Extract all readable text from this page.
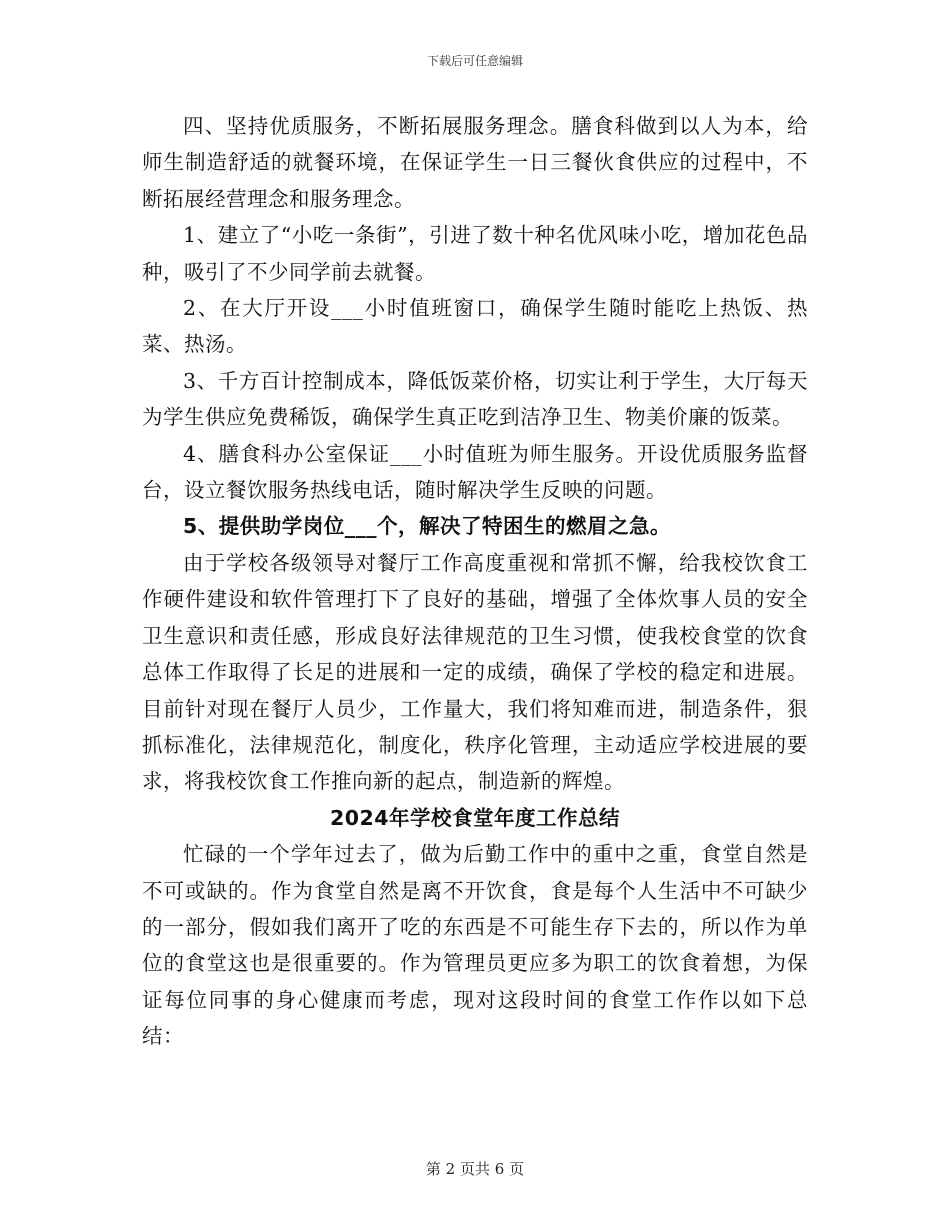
下载后可任意编辑

四、坚持优质服务，不断拓展服务理念。膳食科做到以人为本，给师生制造舒适的就餐环境，在保证学生一日三餐伙食供应的过程中，不断拓展经营理念和服务理念。

1、建立了“小吃一条街”，引进了数十种名优风味小吃，增加花色品种，吸引了不少同学前去就餐。

2、在大厅开设___小时值班窗口，确保学生随时能吃上热饭、热菜、热汤。

3、千方百计控制成本，降低饭菜价格，切实让利于学生，大厅每天为学生供应免费稀饭，确保学生真正吃到洁净卫生、物美价廉的饭菜。

4、膳食科办公室保证___小时值班为师生服务。开设优质服务监督台，设立餐饮服务热线电话，随时解决学生反映的问题。

5、提供助学岗位___个，解决了特困生的燃眉之急。

由于学校各级领导对餐厅工作高度重视和常抓不懈，给我校饮食工作硬件建设和软件管理打下了良好的基础，增强了全体炊事人员的安全卫生意识和责任感，形成良好法律规范的卫生习惯，使我校食堂的饮食总体工作取得了长足的进展和一定的成绩，确保了学校的稳定和进展。目前针对现在餐厅人员少，工作量大，我们将知难而进，制造条件，狠抓标准化，法律规范化，制度化，秩序化管理，主动适应学校进展的要求，将我校饮食工作推向新的起点，制造新的辉煌。

2024年学校食堂年度工作总结

忙碌的一个学年过去了，做为后勤工作中的重中之重，食堂自然是不可或缺的。作为食堂自然是离不开饮食，食是每个人生活中不可缺少的一部分，假如我们离开了吃的东西是不可能生存下去的，所以作为单位的食堂这也是很重要的。作为管理员更应多为职工的饮食着想，为保证每位同事的身心健康而考虑，现对这段时间的食堂工作作以如下总结：

第 2 页共 6 页
